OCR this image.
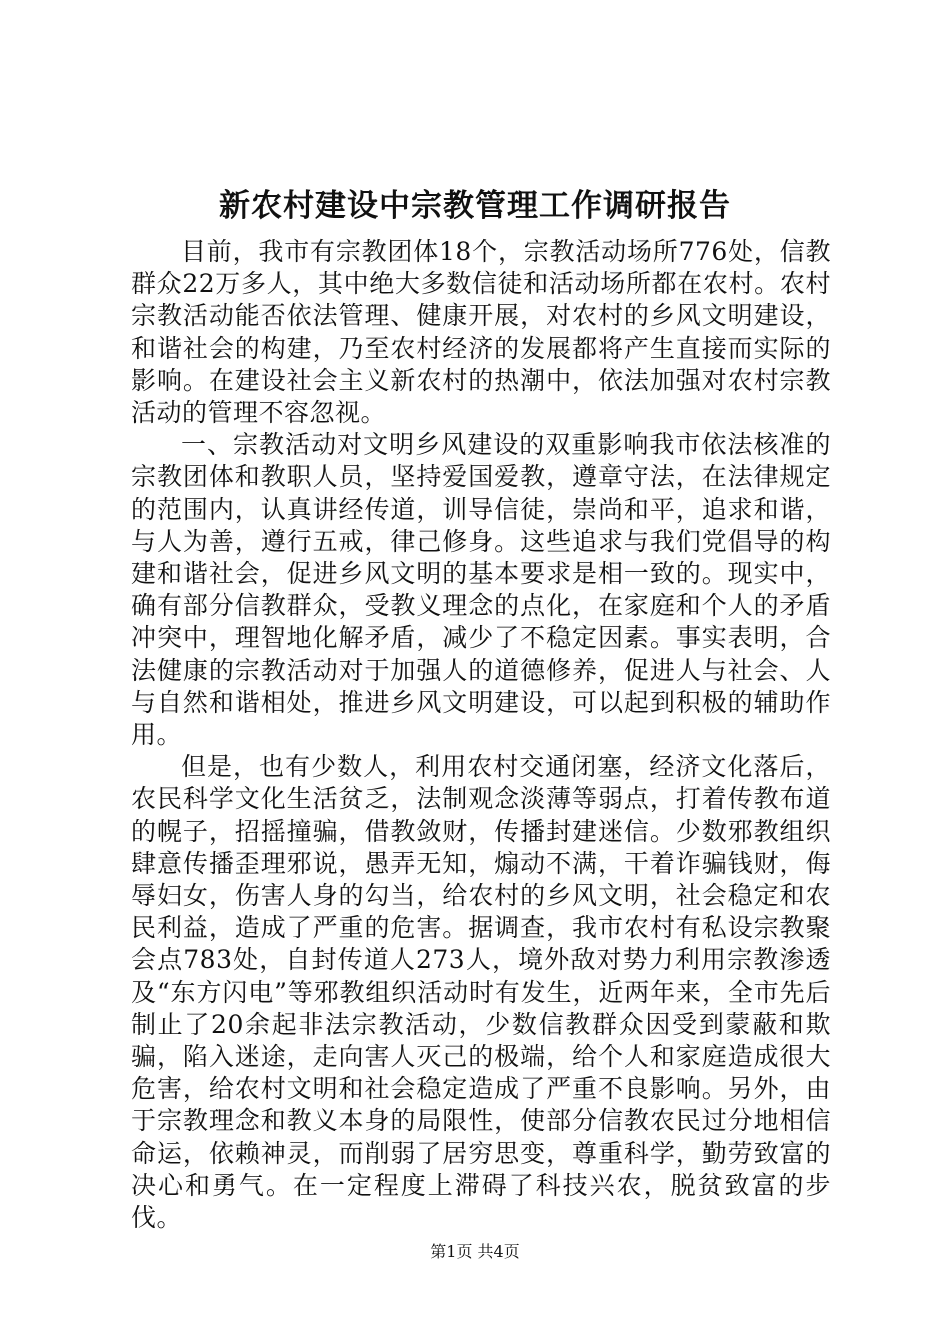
新农村建设中宗教管理工作调研报告

目前，我市有宗教团体18个，宗教活动场所776处，信教群众22万多人，其中绝大多数信徒和活动场所都在农村。农村宗教活动能否依法管理、健康开展，对农村的乡风文明建设，和谐社会的构建，乃至农村经济的发展都将产生直接而实际的影响。在建设社会主义新农村的热潮中，依法加强对农村宗教活动的管理不容忽视。

一、宗教活动对文明乡风建设的双重影响我市依法核准的宗教团体和教职人员，坚持爱国爱教，遵章守法，在法律规定的范围内，认真讲经传道，训导信徒，崇尚和平，追求和谐，与人为善，遵行五戒，律己修身。这些追求与我们党倡导的构建和谐社会，促进乡风文明的基本要求是相一致的。现实中，确有部分信教群众，受教义理念的点化，在家庭和个人的矛盾冲突中，理智地化解矛盾，减少了不稳定因素。事实表明，合法健康的宗教活动对于加强人的道德修养，促进人与社会、人与自然和谐相处，推进乡风文明建设，可以起到积极的辅助作用。

但是，也有少数人，利用农村交通闭塞，经济文化落后，农民科学文化生活贫乏，法制观念淡薄等弱点，打着传教布道的幌子，招摇撞骗，借教敛财，传播封建迷信。少数邪教组织肆意传播歪理邪说，愚弄无知，煽动不满，干着诈骗钱财，侮辱妇女，伤害人身的勾当，给农村的乡风文明，社会稳定和农民利益，造成了严重的危害。据调查，我市农村有私设宗教聚会点783处，自封传道人273人，境外敌对势力利用宗教渗透及“东方闪电”等邪教组织活动时有发生，近两年来，全市先后制止了20余起非法宗教活动，少数信教群众因受到蒙蔽和欺骗，陷入迷途，走向害人灭己的极端，给个人和家庭造成很大危害，给农村文明和社会稳定造成了严重不良影响。另外，由于宗教理念和教义本身的局限性，使部分信教农民过分地相信命运，依赖神灵，而削弱了居穷思变，尊重科学，勤劳致富的决心和勇气。在一定程度上滞碍了科技兴农，脱贫致富的步伐。

第1页 共4页
